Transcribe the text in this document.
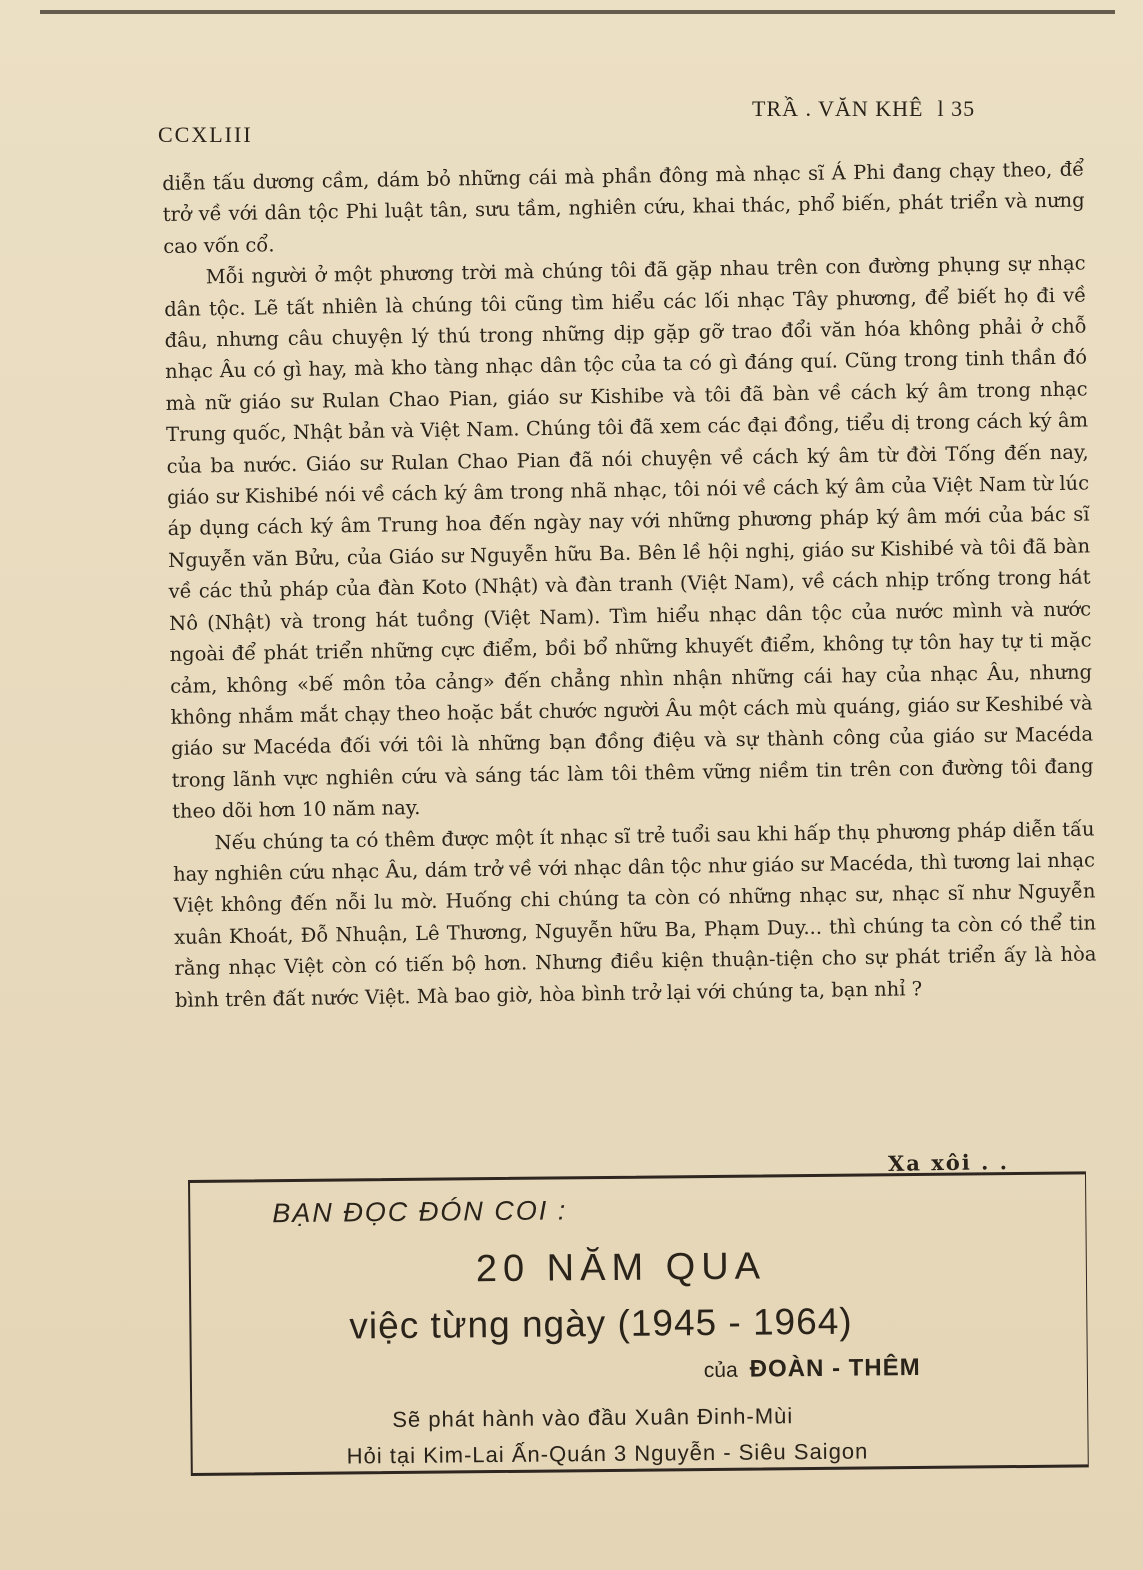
CCXLIII
TRẦ . VĂN KHÊ l 35

diễn tấu dương cầm, dám bỏ những cái mà phần đông mà nhạc sĩ Á Phi đang chạy theo, để trở về với dân tộc Phi luật tân, sưu tầm, nghiên cứu, khai thác, phổ biến, phát triển và nưng cao vốn cổ.

Mỗi người ở một phương trời mà chúng tôi đã gặp nhau trên con đường phụng sự nhạc dân tộc. Lẽ tất nhiên là chúng tôi cũng tìm hiểu các lối nhạc Tây phương, để biết họ đi về đâu, nhưng câu chuyện lý thú trong những dịp gặp gỡ trao đổi văn hóa không phải ở chỗ nhạc Âu có gì hay, mà kho tàng nhạc dân tộc của ta có gì đáng quí. Cũng trong tinh thần đó mà nữ giáo sư Rulan Chao Pian, giáo sư Kishibe và tôi đã bàn về cách ký âm trong nhạc Trung quốc, Nhật bản và Việt Nam. Chúng tôi đã xem các đại đồng, tiểu dị trong cách ký âm của ba nước. Giáo sư Rulan Chao Pian đã nói chuyện về cách ký âm từ đời Tống đến nay, giáo sư Kishibé nói về cách ký âm trong nhã nhạc, tôi nói về cách ký âm của Việt Nam từ lúc áp dụng cách ký âm Trung hoa đến ngày nay với những phương pháp ký âm mới của bác sĩ Nguyễn văn Bửu, của Giáo sư Nguyễn hữu Ba. Bên lề hội nghị, giáo sư Kishibé và tôi đã bàn về các thủ pháp của đàn Koto (Nhật) và đàn tranh (Việt Nam), về cách nhịp trống trong hát Nô (Nhật) và trong hát tuồng (Việt Nam). Tìm hiểu nhạc dân tộc của nước mình và nước ngoài để phát triển những cực điểm, bồi bổ những khuyết điểm, không tự tôn hay tự ti mặc cảm, không «bế môn tỏa cảng» đến chẳng nhìn nhận những cái hay của nhạc Âu, nhưng không nhắm mắt chạy theo hoặc bắt chước người Âu một cách mù quáng, giáo sư Keshibé và giáo sư Macéda đối với tôi là những bạn đồng điệu và sự thành công của giáo sư Macéda trong lãnh vực nghiên cứu và sáng tác làm tôi thêm vững niềm tin trên con đường tôi đang theo dõi hơn 10 năm nay.

Nếu chúng ta có thêm được một ít nhạc sĩ trẻ tuổi sau khi hấp thụ phương pháp diễn tấu hay nghiên cứu nhạc Âu, dám trở về với nhạc dân tộc như giáo sư Macéda, thì tương lai nhạc Việt không đến nỗi lu mờ. Huống chi chúng ta còn có những nhạc sư, nhạc sĩ như Nguyễn xuân Khoát, Đỗ Nhuận, Lê Thương, Nguyễn hữu Ba, Phạm Duy... thì chúng ta còn có thể tin rằng nhạc Việt còn có tiến bộ hơn. Nhưng điều kiện thuận-tiện cho sự phát triển ấy là hòa bình trên đất nước Việt. Mà bao giờ, hòa bình trở lại với chúng ta, bạn nhỉ ?

Xa xôi . .
BẠN ĐỌC ĐÓN COI :
20 NĂM QUA
việc từng ngày (1945 - 1964)
của ĐOÀN - THÊM
Sẽ phát hành vào đầu Xuân Đinh-Mùi
Hỏi tại Kim-Lai Ấn-Quán 3 Nguyễn - Siêu Saigon
